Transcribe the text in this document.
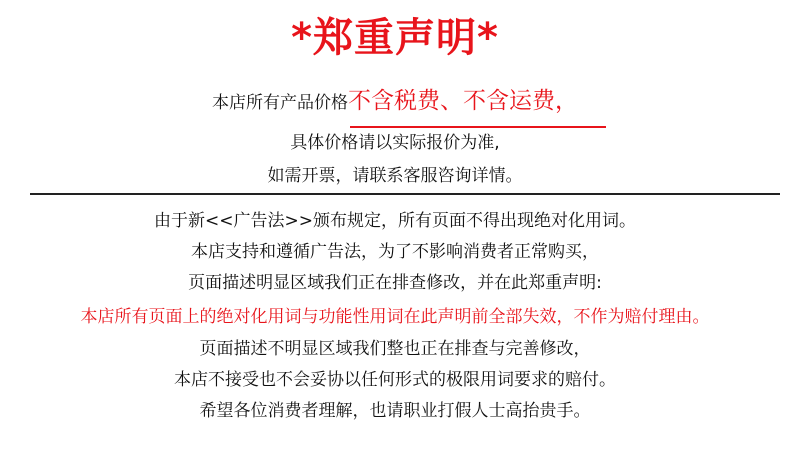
*郑重声明*
本店所有产品价格不含税费、不含运费，
具体价格请以实际报价为准,
如需开票，请联系客服咨询详情。
由于新<<广告法>>颁布规定，所有页面不得出现绝对化用词。
本店支持和遵循广告法，为了不影响消费者正常购买，
页面描述明显区域我们正在排查修改，并在此郑重声明:
本店所有页面上的绝对化用词与功能性用词在此声明前全部失效，不作为赔付理由。
页面描述不明显区域我们整也正在排查与完善修改，
本店不接受也不会妥协以任何形式的极限用词要求的赔付。
希望各位消费者理解，也请职业打假人士高抬贵手。
